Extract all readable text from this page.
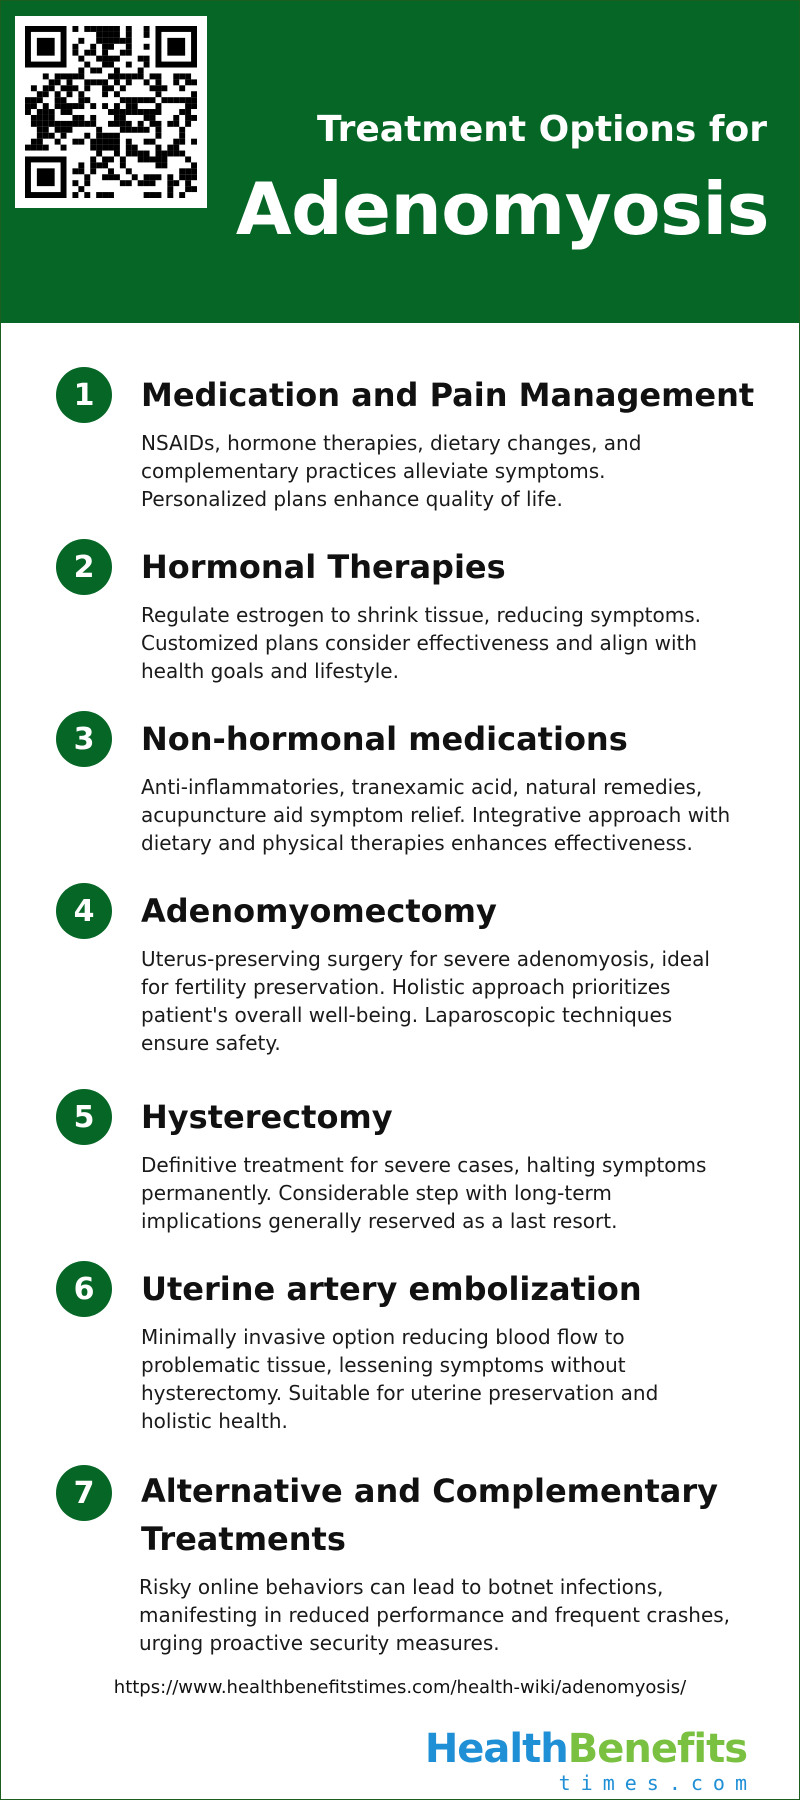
Treatment Options for
Adenomyosis
1	Medication and Pain Management
NSAIDs, hormone therapies, dietary changes, and
complementary practices alleviate symptoms.
Personalized plans enhance quality of life.
2	Hormonal Therapies
Regulate estrogen to shrink tissue, reducing symptoms.
Customized plans consider effectiveness and align with
health goals and lifestyle.
3	Non-hormonal medications
Anti-inflammatories, tranexamic acid, natural remedies,
acupuncture aid symptom relief. Integrative approach with
dietary and physical therapies enhances effectiveness.
4	Adenomyomectomy
Uterus-preserving surgery for severe adenomyosis, ideal
for fertility preservation. Holistic approach prioritizes
patient's overall well-being. Laparoscopic techniques
ensure safety.
5	Hysterectomy
Definitive treatment for severe cases, halting symptoms
permanently. Considerable step with long-term
implications generally reserved as a last resort.
6	Uterine artery embolization
Minimally invasive option reducing blood flow to
problematic tissue, lessening symptoms without
hysterectomy. Suitable for uterine preservation and
holistic health.
7	Alternative and Complementary
Treatments
Risky online behaviors can lead to botnet infections,
manifesting in reduced performance and frequent crashes,
urging proactive security measures.
https://www.healthbenefitstimes.com/health-wiki/adenomyosis/
HealthBenefits
times.com
